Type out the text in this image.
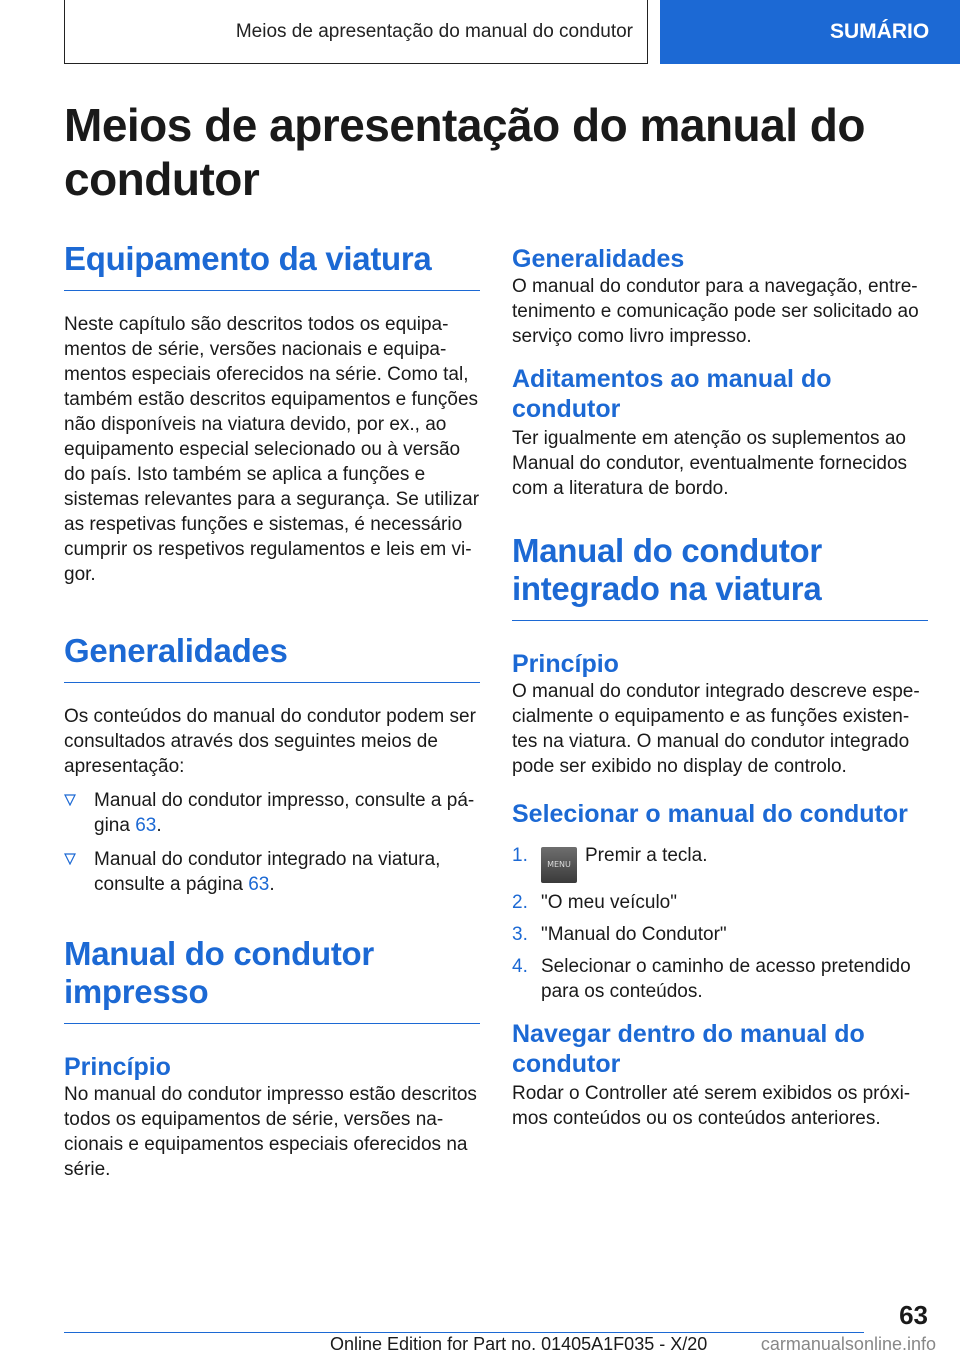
Meios de apresentação do manual do condutor	SUMÁRIO
Meios de apresentação do manual do condutor
Equipamento da viatura

Neste capítulo são descritos todos os equipamentos de série, versões nacionais e equipamentos especiais oferecidos na série. Como tal, também estão descritos equipamentos e funções não disponíveis na viatura devido, por ex., ao equipamento especial selecionado ou à versão do país. Isto também se aplica a funções e sistemas relevantes para a segurança. Se utilizar as respetivas funções e sistemas, é necessário cumprir os respetivos regulamentos e leis em vigor.

Generalidades

Os conteúdos do manual do condutor podem ser consultados através dos seguintes meios de apresentação:

Manual do condutor impresso, consulte a página 63.
Manual do condutor integrado na viatura, consulte a página 63.
Manual do condutor impresso
Princípio

No manual do condutor impresso estão descritos todos os equipamentos de série, versões nacionais e equipamentos especiais oferecidos na série.

Generalidades

O manual do condutor para a navegação, entretenimento e comunicação pode ser solicitado ao serviço como livro impresso.

Aditamentos ao manual do condutor

Ter igualmente em atenção os suplementos ao Manual do condutor, eventualmente fornecidos com a literatura de bordo.

Manual do condutor integrado na viatura
Princípio

O manual do condutor integrado descreve especialmente o equipamento e as funções existentes na viatura. O manual do condutor integrado pode ser exibido no display de controlo.

Selecionar o manual do condutor
1. MENU Premir a tecla.
2. "O meu veículo"
3. "Manual do Condutor"
4. Selecionar o caminho de acesso pretendido para os conteúdos.
Navegar dentro do manual do condutor

Rodar o Controller até serem exibidos os próximos conteúdos ou os conteúdos anteriores.

63
Online Edition for Part no. 01405A1F035 - X/20	carmanualsonline.info
